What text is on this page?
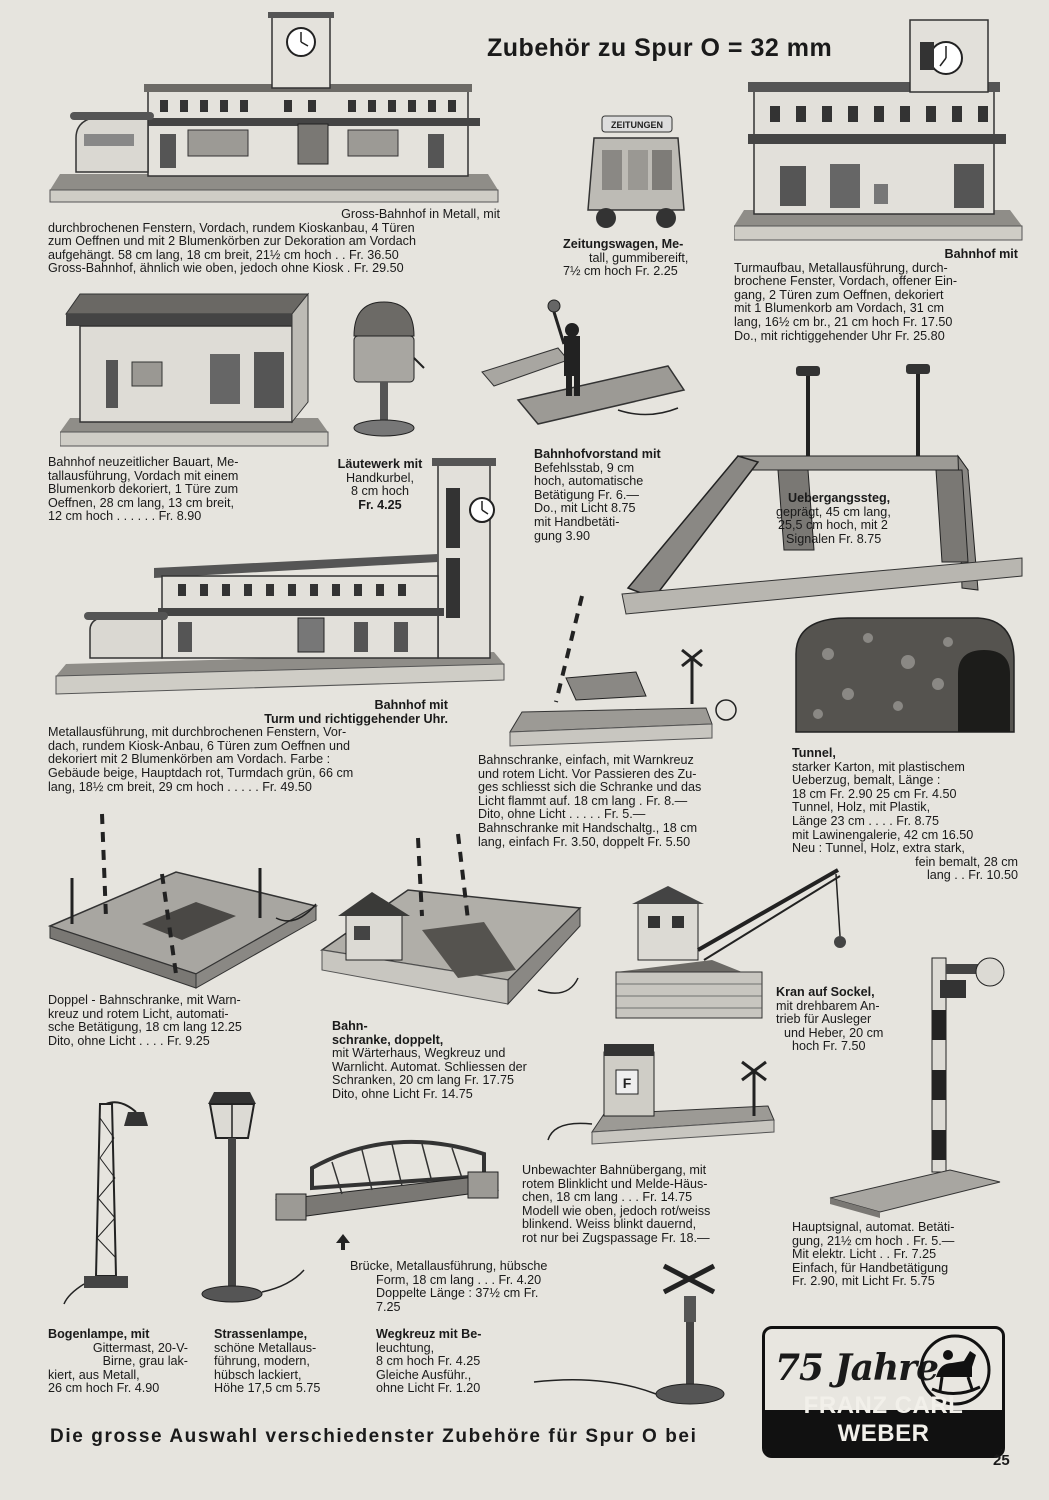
Zubehör zu Spur O = 32 mm

Gross-Bahnhof in Metall, mit

durchbrochenen Fenstern, Vordach, rundem Kioskanbau, 4 Türen

zum Oeffnen und mit 2 Blumenkörben zur Dekoration am Vordach

aufgehängt. 58 cm lang, 18 cm breit, 21½ cm hoch . . Fr. 36.50

Gross-Bahnhof, ähnlich wie oben, jedoch ohne Kiosk . Fr. 29.50

ZEITUNGEN

Zeitungswagen, Me-

tall, gummibereift,

7½ cm hoch Fr. 2.25

Bahnhof mit

Turmaufbau, Metallausführung, durch-

brochene Fenster, Vordach, offener Ein-

gang, 2 Türen zum Oeffnen, dekoriert

mit 1 Blumenkorb am Vordach, 31 cm

lang, 16½ cm br., 21 cm hoch Fr. 17.50

Do., mit richtiggehender Uhr Fr. 25.80

Bahnhof neuzeitlicher Bauart, Me-

tallausführung, Vordach mit einem

Blumenkorb dekoriert, 1 Türe zum

Oeffnen, 28 cm lang, 13 cm breit,

12 cm hoch . . . . . . Fr. 8.90

Läutewerk mit

Handkurbel,

8 cm hoch

Fr. 4.25

Bahnhofvorstand mit

Befehlsstab, 9 cm

hoch, automatische

Betätigung Fr. 6.—

Do., mit Licht 8.75

mit Handbetäti-

gung 3.90

Uebergangssteg,

geprägt, 45 cm lang,

25,5 cm hoch, mit 2

Signalen Fr. 8.75

Bahnhof mit

Turm und richtiggehender Uhr.

Metallausführung, mit durchbrochenen Fenstern, Vor-

dach, rundem Kiosk-Anbau, 6 Türen zum Oeffnen und

dekoriert mit 2 Blumenkörben am Vordach. Farbe :

Gebäude beige, Hauptdach rot, Turmdach grün, 66 cm

lang, 18½ cm breit, 29 cm hoch . . . . . Fr. 49.50

Bahnschranke, einfach, mit Warnkreuz

und rotem Licht. Vor Passieren des Zu-

ges schliesst sich die Schranke und das

Licht flammt auf. 18 cm lang . Fr. 8.—

Dito, ohne Licht . . . . . Fr. 5.—

Bahnschranke mit Handschaltg., 18 cm

lang, einfach Fr. 3.50, doppelt Fr. 5.50

Tunnel,

starker Karton, mit plastischem

Ueberzug, bemalt, Länge :

18 cm Fr. 2.90 25 cm Fr. 4.50

Tunnel, Holz, mit Plastik,

Länge 23 cm . . . . Fr. 8.75

mit Lawinengalerie, 42 cm 16.50

Neu : Tunnel, Holz, extra stark,

fein bemalt, 28 cm

lang . . Fr. 10.50

Doppel - Bahnschranke, mit Warn-

kreuz und rotem Licht, automati-

sche Betätigung, 18 cm lang 12.25

Dito, ohne Licht . . . . Fr. 9.25

Bahn-

schranke, doppelt,

mit Wärterhaus, Wegkreuz und

Warnlicht. Automat. Schliessen der

Schranken, 20 cm lang Fr. 17.75

Dito, ohne Licht Fr. 14.75

Kran auf Sockel,

mit drehbarem An-

trieb für Ausleger

und Heber, 20 cm

hoch Fr. 7.50

Hauptsignal, automat. Betäti-

gung, 21½ cm hoch . Fr. 5.—

Mit elektr. Licht . . Fr. 7.25

Einfach, für Handbetätigung

Fr. 2.90, mit Licht Fr. 5.75

F

Unbewachter Bahnübergang, mit

rotem Blinklicht und Melde-Häus-

chen, 18 cm lang . . . Fr. 14.75

Modell wie oben, jedoch rot/weiss

blinkend. Weiss blinkt dauernd,

rot nur bei Zugspassage Fr. 18.—

Brücke, Metallausführung, hübsche

Form, 18 cm lang . . . Fr. 4.20

Doppelte Länge : 37½ cm Fr. 7.25

Bogenlampe, mit

Gittermast, 20-V-

Birne, grau lak-

kiert, aus Metall,

26 cm hoch Fr. 4.90

Strassenlampe,

schöne Metallaus-

führung, modern,

hübsch lackiert,

Höhe 17,5 cm 5.75

Wegkreuz mit Be-

leuchtung,

8 cm hoch Fr. 4.25

Gleiche Ausführ.,

ohne Licht Fr. 1.20	75 Jahre
FRANZ CARL WEBER
Die grosse Auswahl verschiedenster Zubehöre für Spur O bei
25
